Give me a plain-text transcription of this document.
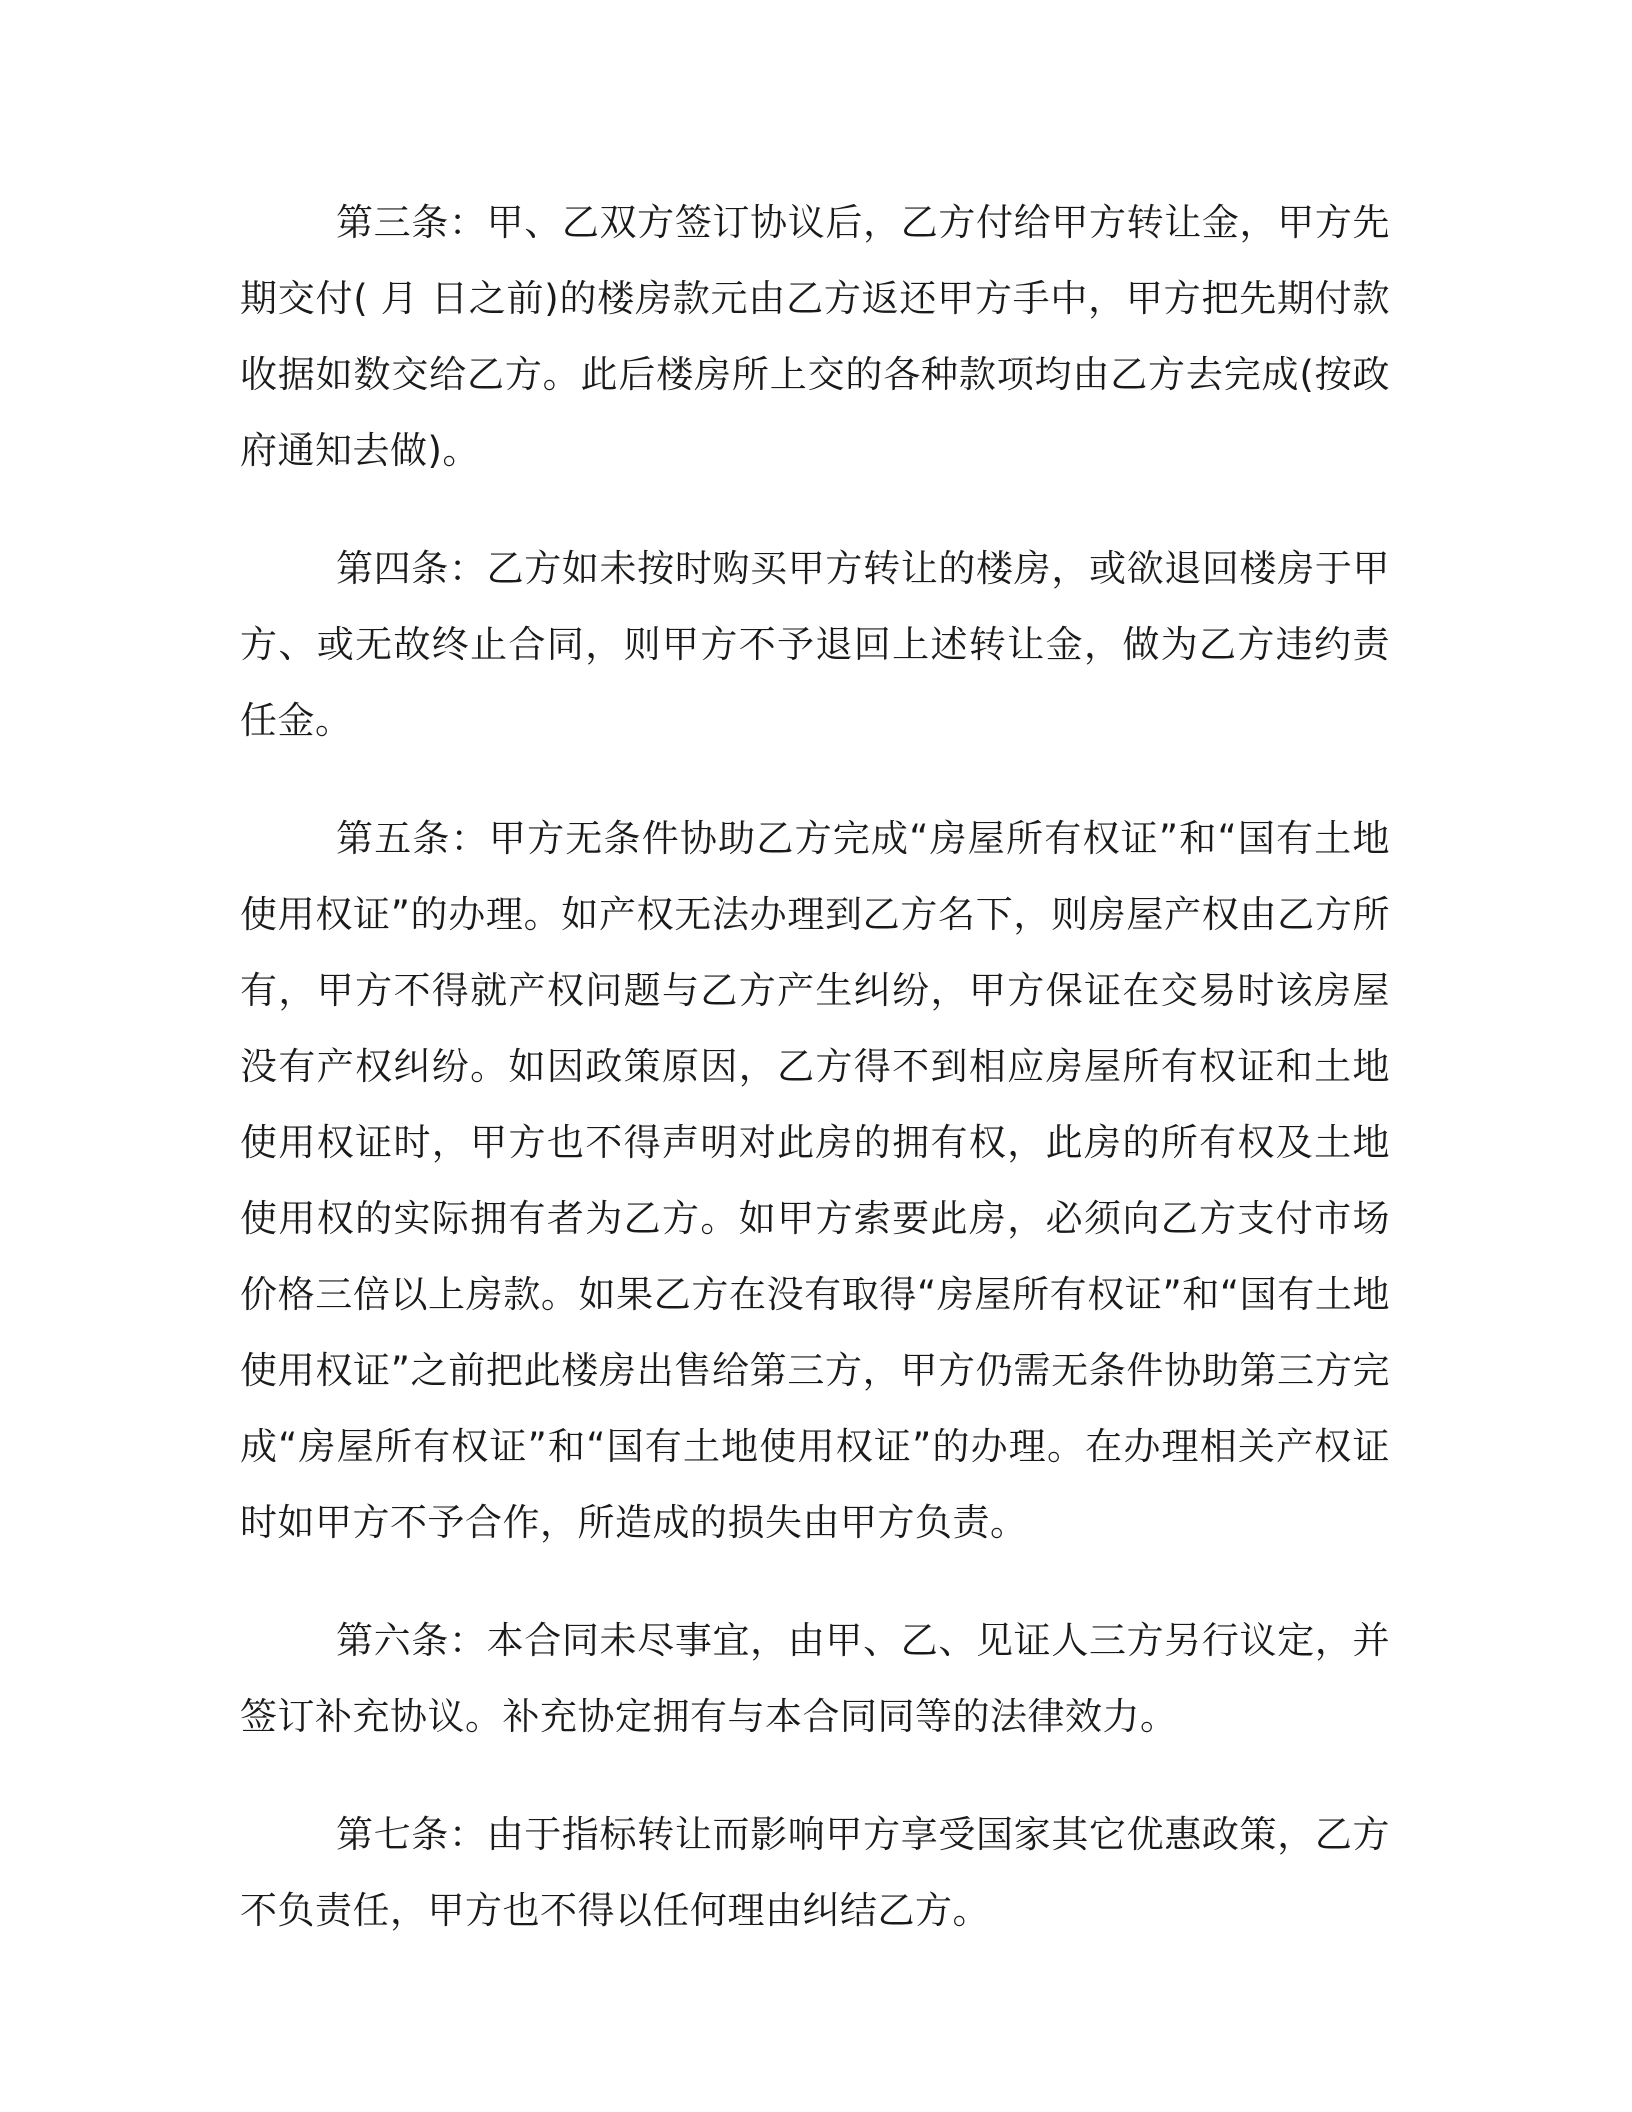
第三条：甲、乙双方签订协议后，乙方付给甲方转让金，甲方先期交付( 月 日之前)的楼房款元由乙方返还甲方手中，甲方把先期付款收据如数交给乙方。此后楼房所上交的各种款项均由乙方去完成(按政府通知去做)。

第四条：乙方如未按时购买甲方转让的楼房，或欲退回楼房于甲方、或无故终止合同，则甲方不予退回上述转让金，做为乙方违约责任金。

第五条：甲方无条件协助乙方完成“房屋所有权证”和“国有土地使用权证”的办理。如产权无法办理到乙方名下，则房屋产权由乙方所有，甲方不得就产权问题与乙方产生纠纷，甲方保证在交易时该房屋没有产权纠纷。如因政策原因，乙方得不到相应房屋所有权证和土地使用权证时，甲方也不得声明对此房的拥有权，此房的所有权及土地使用权的实际拥有者为乙方。如甲方索要此房，必须向乙方支付市场价格三倍以上房款。如果乙方在没有取得“房屋所有权证”和“国有土地使用权证”之前把此楼房出售给第三方，甲方仍需无条件协助第三方完成“房屋所有权证”和“国有土地使用权证”的办理。在办理相关产权证时如甲方不予合作，所造成的损失由甲方负责。

第六条：本合同未尽事宜，由甲、乙、见证人三方另行议定，并签订补充协议。补充协定拥有与本合同同等的法律效力。

第七条：由于指标转让而影响甲方享受国家其它优惠政策，乙方不负责任，甲方也不得以任何理由纠结乙方。
